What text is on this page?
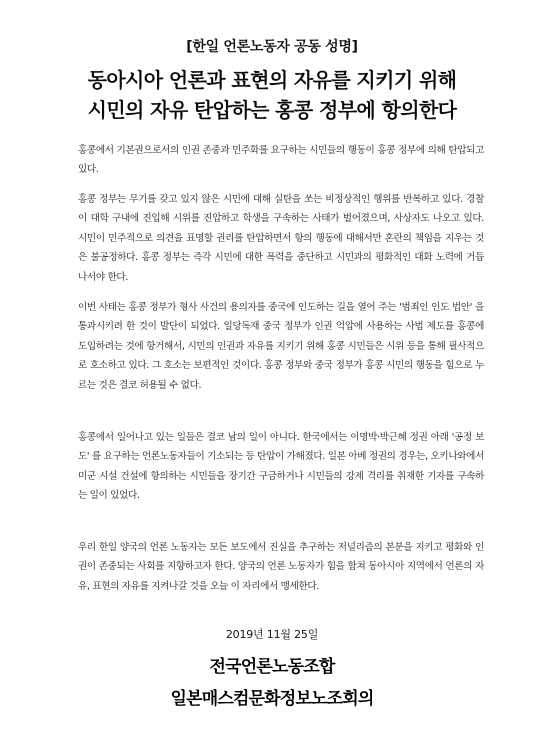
[한일 언론노동자 공동 성명]
동아시아 언론과 표현의 자유를 지키기 위해
시민의 자유 탄압하는 홍콩 정부에 항의한다

홍콩에서 기본권으로서의 인권 존중과 민주화를 요구하는 시민들의 행동이 홍콩 정부에 의해 탄압되고 있다.

홍콩 정부는 무기를 갖고 있지 않은 시민에 대해 실탄을 쏘는 비정상적인 행위를 반복하고 있다. 경찰이 대학 구내에 진입해 시위를 진압하고 학생을 구속하는 사태가 벌어졌으며, 사상자도 나오고 있다. 시민이 민주적으로 의견을 표명할 권리를 탄압하면서 항의 행동에 대해서만 혼란의 책임을 지우는 것은 불공정하다. 홍콩 정부는 즉각 시민에 대한 폭력을 중단하고 시민과의 평화적인 대화 노력에 거듭 나서야 한다.

이번 사태는 홍콩 정부가 형사 사건의 용의자를 중국에 인도하는 길을 열어 주는 '범죄인 인도 법안' 을 통과시키려 한 것이 발단이 되었다. 일당독재 중국 정부가 인권 억압에 사용하는 사법 제도를 홍콩에 도입하려는 것에 항거해서, 시민의 인권과 자유를 지키기 위해 홍콩 시민들은 시위 등을 통해 필사적으로 호소하고 있다. 그 호소는 보편적인 것이다. 홍콩 정부와 중국 정부가 홍콩 시민의 행동을 힘으로 누르는 것은 결코 허용될 수 없다.

홍콩에서 일어나고 있는 일들은 결코 남의 일이 아니다. 한국에서는 이명박·박근혜 정권 아래 '공정 보도' 를 요구하는 언론노동자들이 기소되는 등 탄압이 가해졌다. 일본 아베 정권의 경우는, 오키나와에서 미군 시설 건설에 항의하는 시민들을 장기간 구금하거나 시민들의 강제 격리를 취재한 기자를 구속하는 일이 있었다.

우리 한일 양국의 언론 노동자는 모든 보도에서 진실을 추구하는 저널리즘의 본분을 지키고 평화와 인권이 존중되는 사회를 지향하고자 한다. 양국의 언론 노동자가 힘을 합쳐 동아시아 지역에서 언론의 자유, 표현의 자유를 지켜나갈 것을 오늘 이 자리에서 맹세한다.

2019년 11월 25일
전국언론노동조합
일본매스컴문화정보노조회의
